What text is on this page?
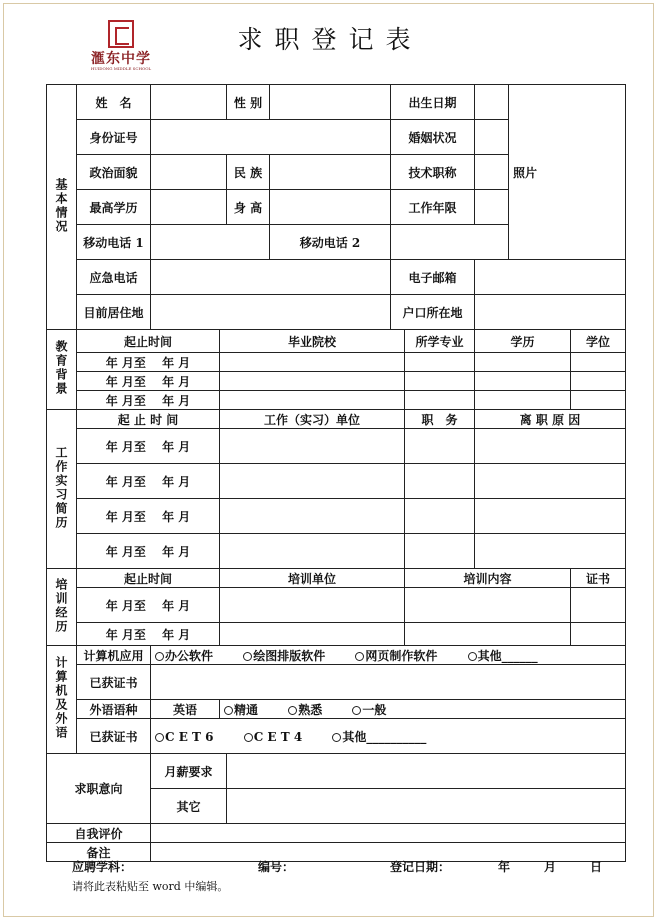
滙东中学
HUIDONG MIDDLE SCHOOL
求职登记表
基本情况	姓　名			性 别		出生日期			照片	
	身份证号					婚姻状况				
	政治面貌			民 族		技术职称				
	最高学历			身 高		工作年限				
	移动电话 1				移动电话 2					
	应急电话					电子邮箱				
	目前居住地					户口所在地				
教育背景	起止时间		毕业院校				所学专业	学历		学位
	年 月至　 年 月									
	年 月至　 年 月									
	年 月至　 年 月									
工作实习简历	起 止 时 间		工作（实习）单位				职　务	离 职 原 因		
	年 月至　 年 月									
	年 月至　 年 月									
	年 月至　 年 月									
	年 月至　 年 月									
培训经历	起止时间		培训单位				培训内容			证书
	年 月至　 年 月									
	年 月至　 年 月									
计算机及外语	计算机应用	办公软件 绘图排版软件 网页制作软件 其他______								
	已获证书									
	外语语种	英语	精通 熟悉 一般							
	已获证书	C E T 6 C E T 4 其他__________								
求职意向		月薪要求								
		其它								
自我评价										
备注										
应聘学科：	编号：	登记日期：	年	月	日
请将此表粘贴至 word 中编辑。
